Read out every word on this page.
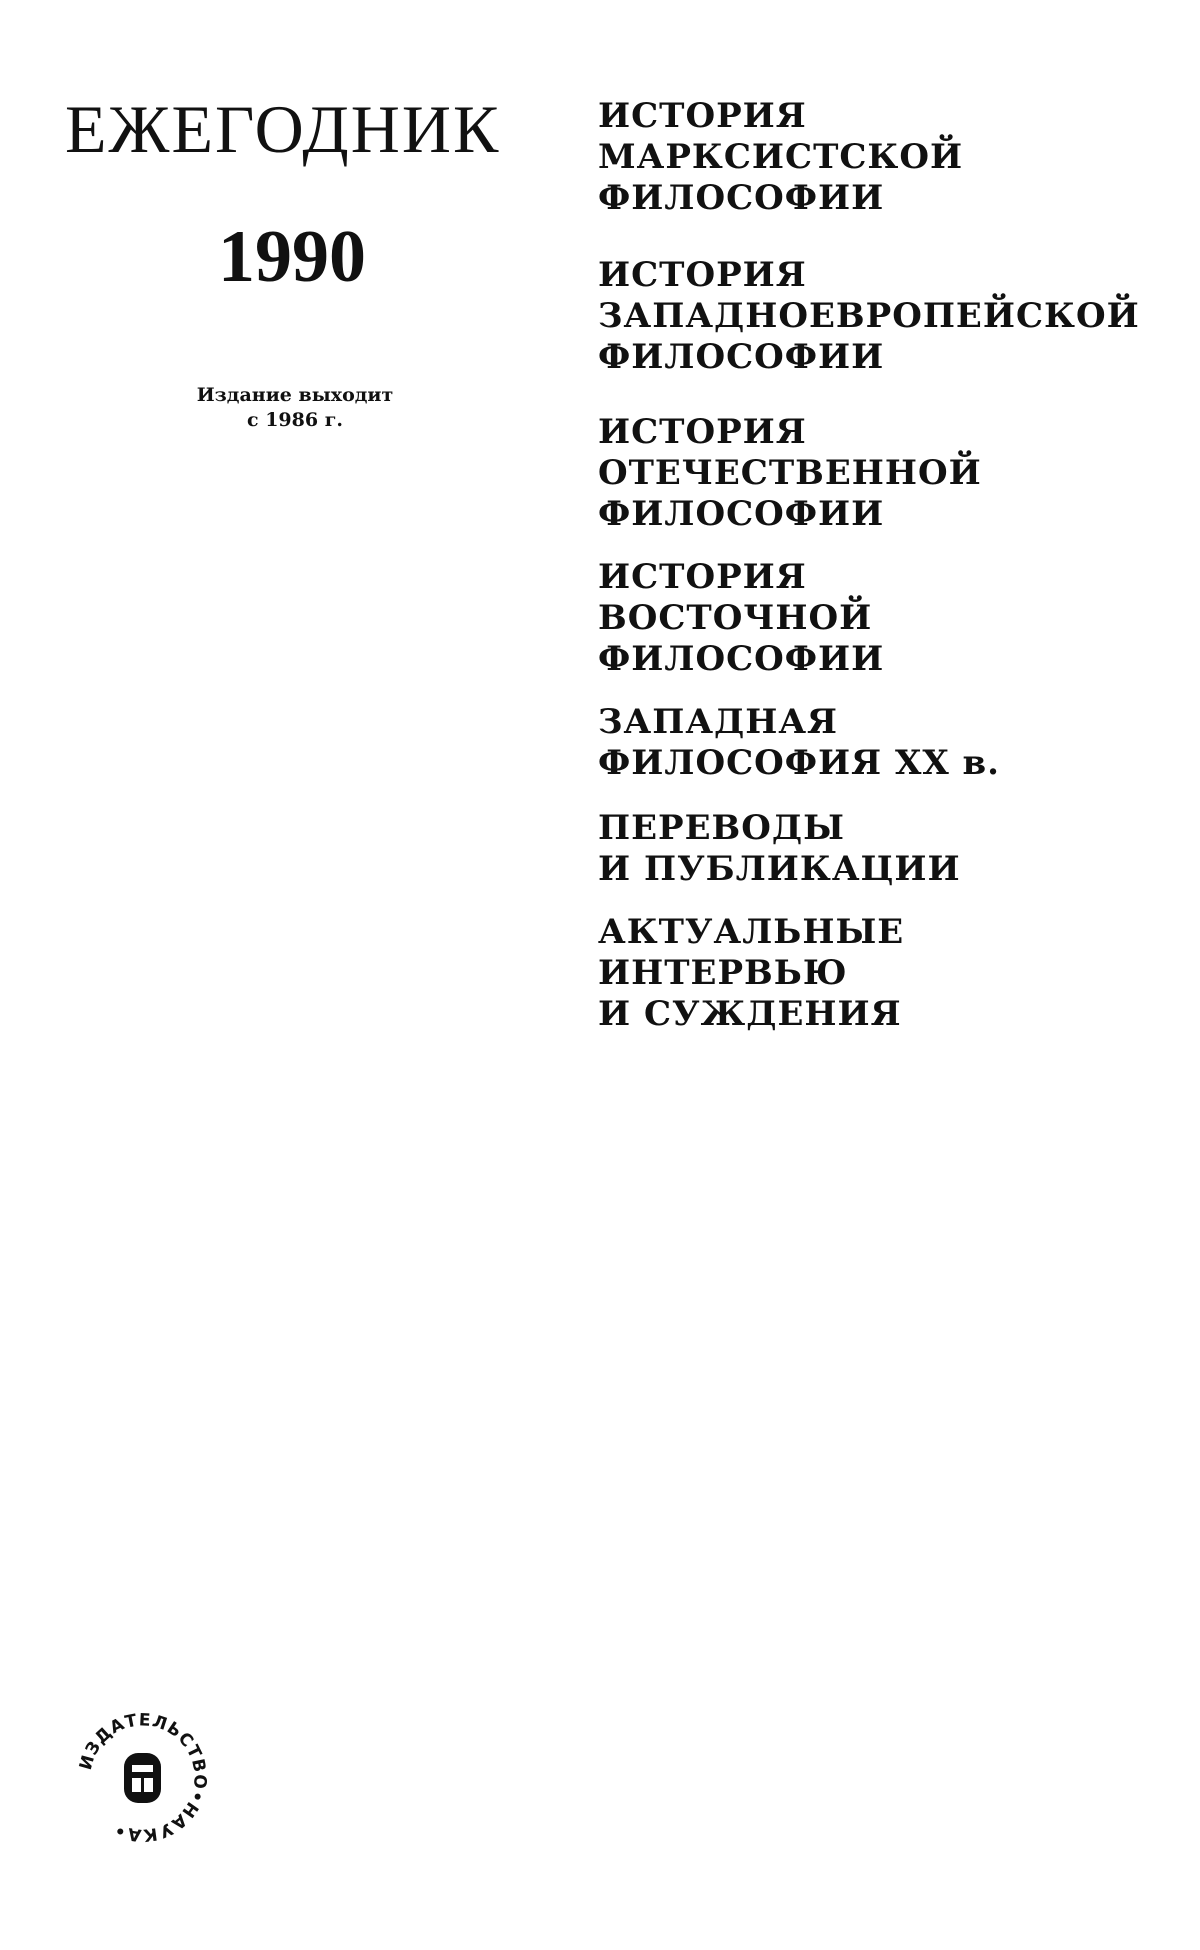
ЕЖЕГОДНИК
1990
Издание выходит
с 1986 г.
ИСТОРИЯ
МАРКСИСТСКОЙ
ФИЛОСОФИИ
ИСТОРИЯ
ЗАПАДНОЕВРОПЕЙСКОЙ
ФИЛОСОФИИ
ИСТОРИЯ
ОТЕЧЕСТВЕННОЙ
ФИЛОСОФИИ
ИСТОРИЯ
ВОСТОЧНОЙ
ФИЛОСОФИИ
ЗАПАДНАЯ
ФИЛОСОФИЯ XX в.
ПЕРЕВОДЫ
И ПУБЛИКАЦИИ
АКТУАЛЬНЫЕ
ИНТЕРВЬЮ
И СУЖДЕНИЯ
ИЗДАТЕЛЬСТВО•НАУКА•
